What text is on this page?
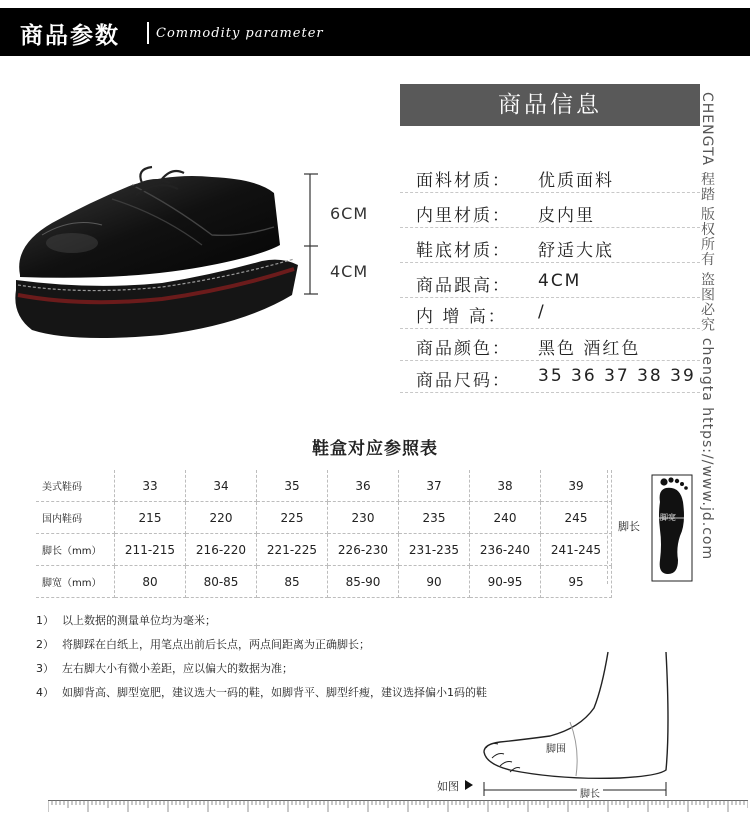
商品参数	Commodity parameter
6CM
4CM
商品信息
面料材质： 优质面料
内里材质： 皮内里
鞋底材质： 舒适大底
商品跟高： 4CM
内 增 高： /
商品颜色： 黑色 酒红色
商品尺码： 35 36 37 38 39 CHENGTA 程踏 版权所有 盗图必究 chengta https://www.jd.com
鞋盒对应参照表
美式鞋码	33	34	35	36	37	38	39
国内鞋码	215	220	225	230	235	240	245
脚长（mm）	211-215	216-220	221-225	226-230	231-235	236-240	241-245
脚宽（mm）	80	80-85	85	85-90	90	90-95	95
脚长
脚宽
1） 以上数据的测量单位均为毫米；
2） 将脚踩在白纸上，用笔点出前后长点，两点间距离为正确脚长；
3） 左右脚大小有微小差距，应以偏大的数据为准；
4） 如脚背高、脚型宽肥，建议选大一码的鞋，如脚背平、脚型纤瘦，建议选择偏小1码的鞋
脚围
脚长
如图
